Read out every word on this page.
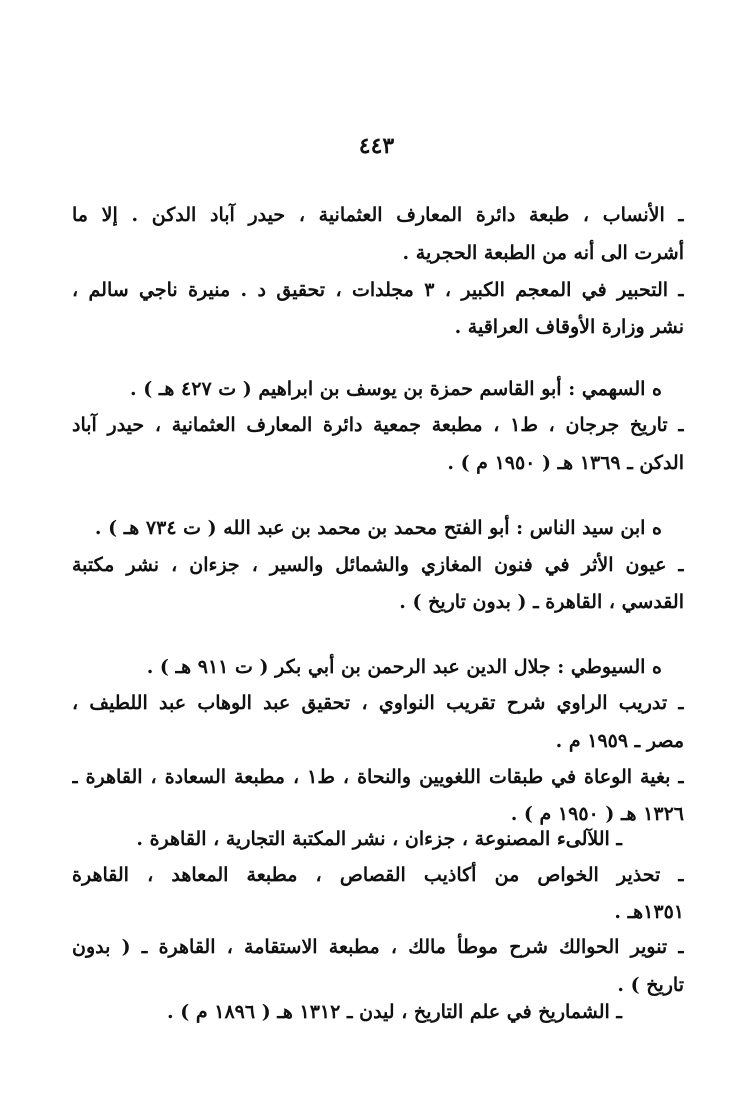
٤٤٣
ـ الأنساب ، طبعة دائرة المعارف العثمانية ، حيدر آباد الدكن . إلا ما
أشرت الى أنه من الطبعة الحجرية .
ـ التحبير في المعجم الكبير ، ٣ مجلدات ، تحقيق د . منيرة ناجي سالم ،
نشر وزارة الأوقاف العراقية .
ه السهمي : أبو القاسم حمزة بن يوسف بن ابراهيم ( ت ٤٢٧ هـ ) .
ـ تاريخ جرجان ، ط١ ، مطبعة جمعية دائرة المعارف العثمانية ، حيدر آباد
الدكن ـ ١٣٦٩ هـ ( ١٩٥٠ م ) .
ه ابن سيد الناس : أبو الفتح محمد بن محمد بن عبد الله ( ت ٧٣٤ هـ ) .
ـ عيون الأثر في فنون المغازي والشمائل والسير ، جزءان ، نشر مكتبة
القدسي ، القاهرة ـ ( بدون تاريخ ) .
ه السيوطي : جلال الدين عبد الرحمن بن أبي بكر ( ت ٩١١ هـ ) .
ـ تدريب الراوي شرح تقريب النواوي ، تحقيق عبد الوهاب عبد اللطيف ،
مصر ـ ١٩٥٩ م .
ـ بغية الوعاة في طبقات اللغويين والنحاة ، ط١ ، مطبعة السعادة ، القاهرة ـ
١٣٢٦ هـ ( ١٩٥٠ م ) .
ـ اللآلىء المصنوعة ، جزءان ، نشر المكتبة التجارية ، القاهرة .
ـ تحذير الخواص من أكاذيب القصاص ، مطبعة المعاهد ، القاهرة
١٣٥١هـ .
ـ تنوير الحوالك شرح موطأ مالك ، مطبعة الاستقامة ، القاهرة ـ ( بدون
تاريخ ) .
ـ الشماريخ في علم التاريخ ، ليدن ـ ١٣١٢ هـ ( ١٨٩٦ م ) .
